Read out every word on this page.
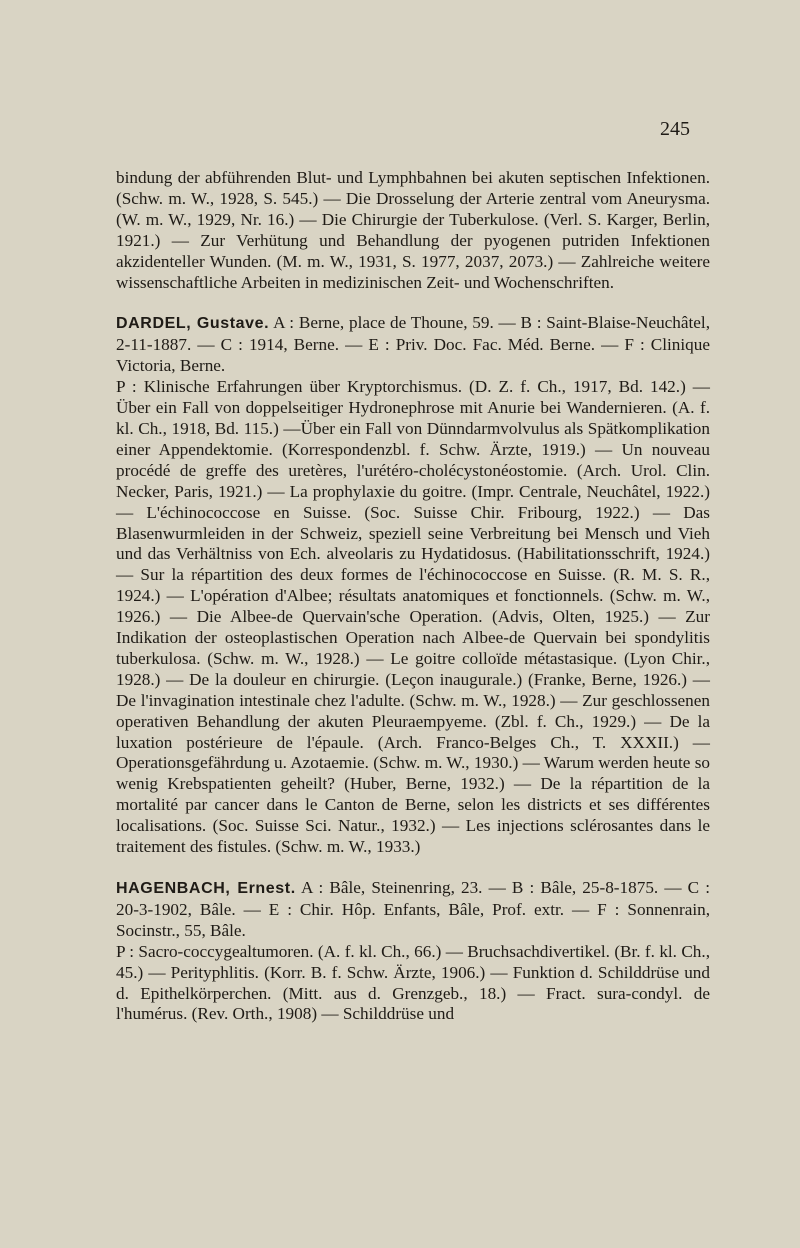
245

bindung der abführenden Blut- und Lymphbahnen bei akuten septischen Infektionen. (Schw. m. W., 1928, S. 545.) — Die Drosselung der Arterie zentral vom Aneurysma. (W. m. W., 1929, Nr. 16.) — Die Chirurgie der Tuberkulose. (Verl. S. Karger, Berlin, 1921.) — Zur Verhütung und Behandlung der pyogenen putriden Infektionen akzidenteller Wunden. (M. m. W., 1931, S. 1977, 2037, 2073.) — Zahlreiche weitere wissenschaftliche Arbeiten in medizinischen Zeit- und Wochenschriften.

DARDEL, Gustave. A : Berne, place de Thoune, 59. — B : Saint-Blaise-Neuchâtel, 2-11-1887. — C : 1914, Berne. — E : Priv. Doc. Fac. Méd. Berne. — F : Clinique Victoria, Berne.

P : Klinische Erfahrungen über Kryptorchismus. (D. Z. f. Ch., 1917, Bd. 142.) — Über ein Fall von doppelseitiger Hydronephrose mit Anurie bei Wandernieren. (A. f. kl. Ch., 1918, Bd. 115.) —Über ein Fall von Dünndarmvolvulus als Spätkomplikation einer Appendektomie. (Korrespondenzbl. f. Schw. Ärzte, 1919.) — Un nouveau procédé de greffe des uretères, l'urétéro-cholécystonéostomie. (Arch. Urol. Clin. Necker, Paris, 1921.) — La prophylaxie du goitre. (Impr. Centrale, Neuchâtel, 1922.) — L'échinococcose en Suisse. (Soc. Suisse Chir. Fribourg, 1922.) — Das Blasenwurmleiden in der Schweiz, speziell seine Verbreitung bei Mensch und Vieh und das Verhältniss von Ech. alveolaris zu Hydatidosus. (Habilitationsschrift, 1924.) — Sur la répartition des deux formes de l'échinococcose en Suisse. (R. M. S. R., 1924.) — L'opération d'Albee; résultats anatomiques et fonctionnels. (Schw. m. W., 1926.) — Die Albee-de Quervain'sche Operation. (Advis, Olten, 1925.) — Zur Indikation der osteoplastischen Operation nach Albee-de Quervain bei spondylitis tuberkulosa. (Schw. m. W., 1928.) — Le goitre colloïde métastasique. (Lyon Chir., 1928.) — De la douleur en chirurgie. (Leçon inaugurale.) (Franke, Berne, 1926.) — De l'invagination intestinale chez l'adulte. (Schw. m. W., 1928.) — Zur geschlossenen operativen Behandlung der akuten Pleuraempyeme. (Zbl. f. Ch., 1929.) — De la luxation postérieure de l'épaule. (Arch. Franco-Belges Ch., T. XXXII.) — Operationsgefährdung u. Azotaemie. (Schw. m. W., 1930.) — Warum werden heute so wenig Krebspatienten geheilt? (Huber, Berne, 1932.) — De la répartition de la mortalité par cancer dans le Canton de Berne, selon les districts et ses différentes localisations. (Soc. Suisse Sci. Natur., 1932.) — Les injections sclérosantes dans le traitement des fistules. (Schw. m. W., 1933.)

HAGENBACH, Ernest. A : Bâle, Steinenring, 23. — B : Bâle, 25-8-1875. — C : 20-3-1902, Bâle. — E : Chir. Hôp. Enfants, Bâle, Prof. extr. — F : Sonnenrain, Socinstr., 55, Bâle.

P : Sacro-coccygealtumoren. (A. f. kl. Ch., 66.) — Bruchsachdivertikel. (Br. f. kl. Ch., 45.) — Perityphlitis. (Korr. B. f. Schw. Ärzte, 1906.) — Funktion d. Schilddrüse und d. Epithelkörperchen. (Mitt. aus d. Grenzgeb., 18.) — Fract. sura-condyl. de l'humérus. (Rev. Orth., 1908) — Schilddrüse und
